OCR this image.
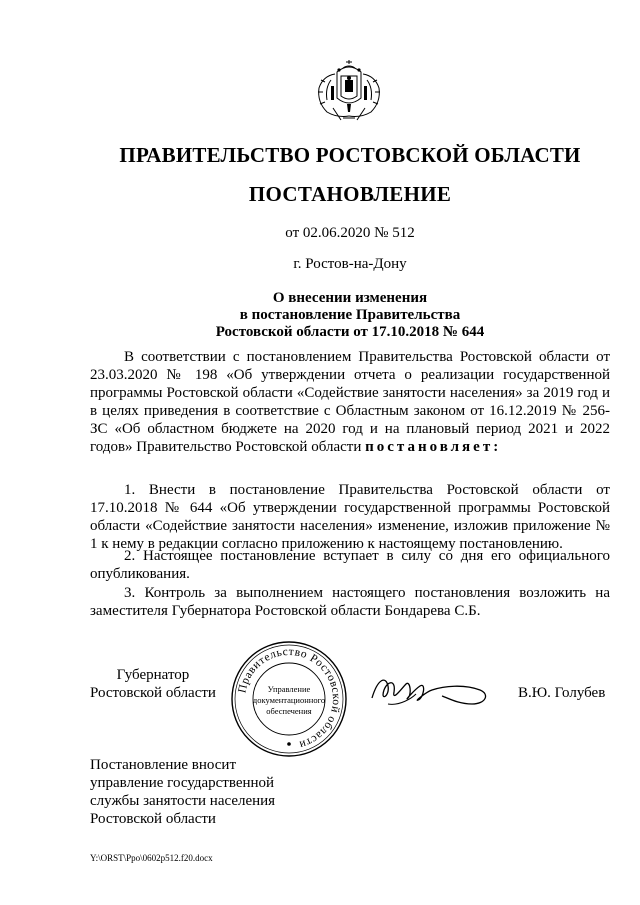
ПРАВИТЕЛЬСТВО РОСТОВСКОЙ ОБЛАСТИ
ПОСТАНОВЛЕНИЕ
от 02.06.2020 № 512
г. Ростов-на-Дону
О внесении изменения
в постановление Правительства
Ростовской области от 17.10.2018 № 644
В соответствии с постановлением Правительства Ростовской области от 23.03.2020 № 198 «Об утверждении отчета о реализации государственной программы Ростовской области «Содействие занятости населения» за 2019 год и в целях приведения в соответствие с Областным законом от 16.12.2019 № 256-ЗС «Об областном бюджете на 2020 год и на плановый период 2021 и 2022 годов» Правительство Ростовской области постановляет:
1. Внести в постановление Правительства Ростовской области от 17.10.2018 № 644 «Об утверждении государственной программы Ростовской области «Содействие занятости населения» изменение, изложив приложение № 1 к нему в редакции согласно приложению к настоящему постановлению.
2. Настоящее постановление вступает в силу со дня его официального опубликования.
3. Контроль за выполнением настоящего постановления возложить на заместителя Губернатора Ростовской области Бондарева С.Б.
Губернатор
Ростовской области Правительство Ростовской области
Управление
документационного
обеспечения
В.Ю. Голубев
Постановление вносит
управление государственной
службы занятости населения
Ростовской области
Y:\ORST\Ppo\0602p512.f20.docx
